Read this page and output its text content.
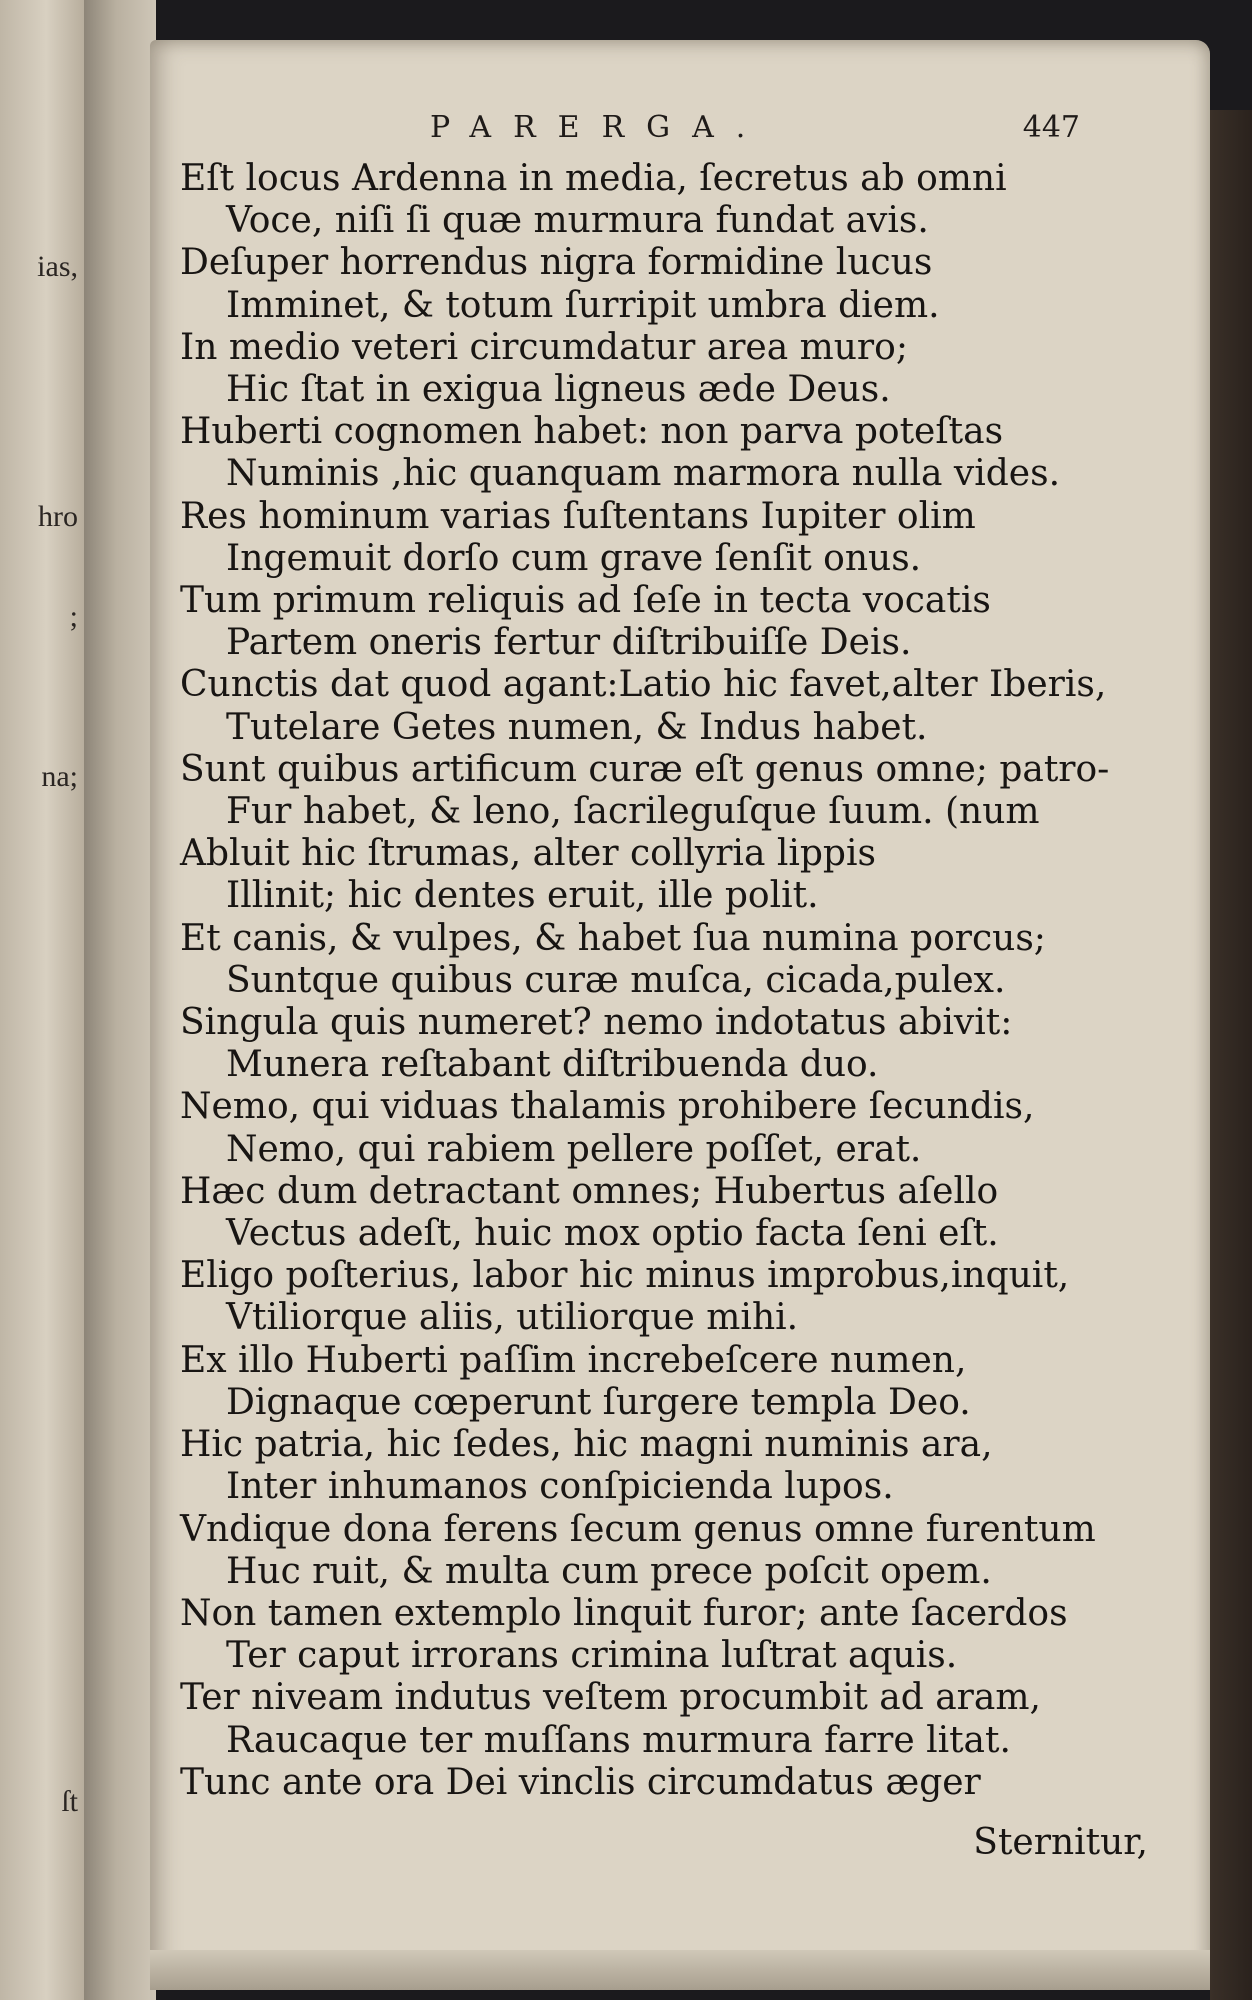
ias,
hro
;
na;
ſt
PARERGA.	447
Eſt locus Ardenna in media, ſecretus ab omni
Voce, niſi ſi quæ murmura fundat avis.
Deſuper horrendus nigra formidine lucus
Imminet, & totum ſurripit umbra diem.
In medio veteri circumdatur area muro;
Hic ſtat in exigua ligneus æde Deus.
Huberti cognomen habet: non parva poteſtas
Numinis ,hic quanquam marmora nulla vides.
Res hominum varias ſuſtentans Iupiter olim
Ingemuit dorſo cum grave ſenſit onus.
Tum primum reliquis ad ſeſe in tecta vocatis
Partem oneris fertur diſtribuiſſe Deis.
Cunctis dat quod agant:Latio hic favet,alter Iberis,
Tutelare Getes numen, & Indus habet.
Sunt quibus artificum curæ eſt genus omne; patro-
Fur habet, & leno, ſacrileguſque ſuum. (num
Abluit hic ſtrumas, alter collyria lippis
Illinit; hic dentes eruit, ille polit.
Et canis, & vulpes, & habet ſua numina porcus;
Suntque quibus curæ muſca, cicada,pulex.
Singula quis numeret? nemo indotatus abivit:
Munera reſtabant diſtribuenda duo.
Nemo, qui viduas thalamis prohibere ſecundis,
Nemo, qui rabiem pellere poſſet, erat.
Hæc dum detractant omnes; Hubertus aſello
Vectus adeſt, huic mox optio facta ſeni eſt.
Eligo poſterius, labor hic minus improbus,inquit,
Vtiliorque aliis, utiliorque mihi.
Ex illo Huberti paſſim increbeſcere numen,
Dignaque cœperunt ſurgere templa Deo.
Hic patria, hic ſedes, hic magni numinis ara,
Inter inhumanos conſpicienda lupos.
Vndique dona ferens ſecum genus omne furentum
Huc ruit, & multa cum prece poſcit opem.
Non tamen extemplo linquit furor; ante ſacerdos
Ter caput irrorans crimina luſtrat aquis.
Ter niveam indutus veſtem procumbit ad aram,
Raucaque ter muſſans murmura farre litat.
Tunc ante ora Dei vinclis circumdatus æger
Sternitur,
